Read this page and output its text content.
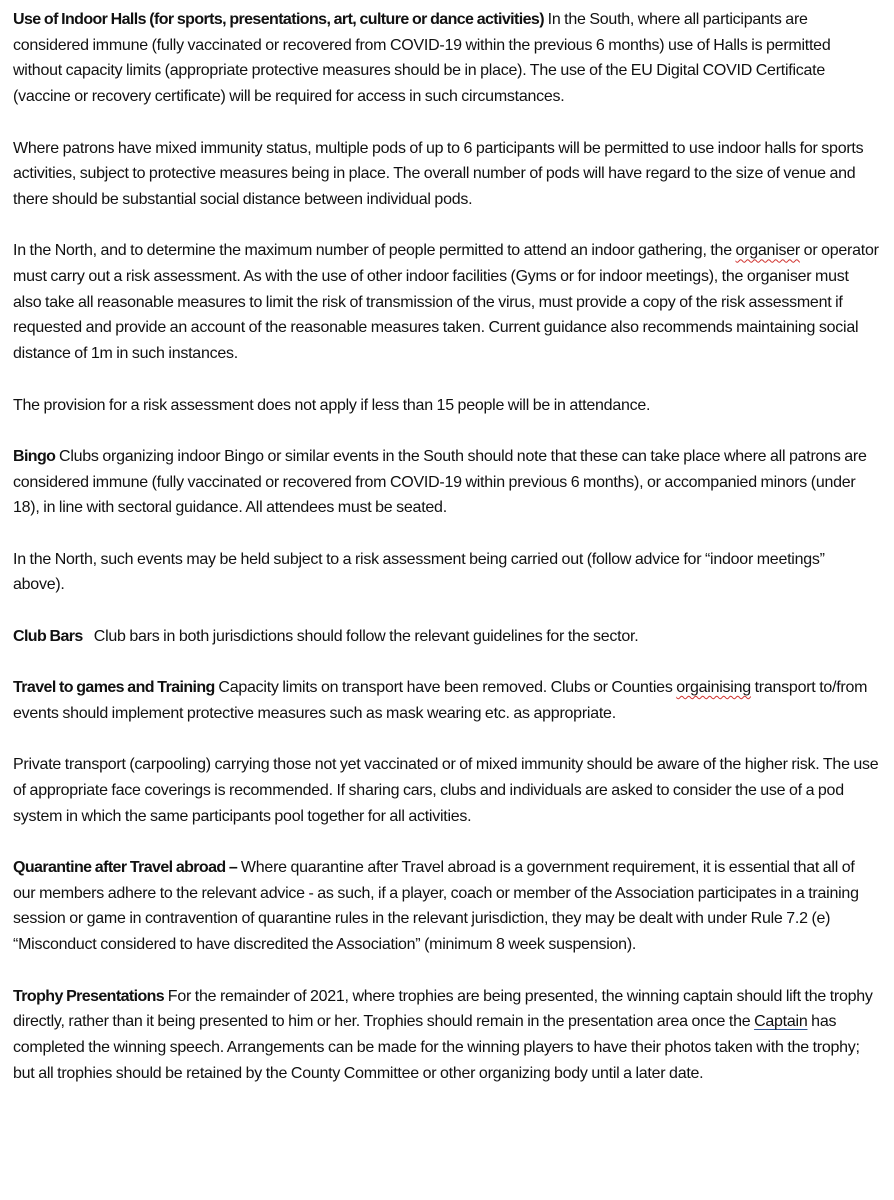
Use of Indoor Halls (for sports, presentations, art, culture or dance activities) In the South, where all participants are considered immune (fully vaccinated or recovered from COVID-19 within the previous 6 months) use of Halls is permitted without capacity limits (appropriate protective measures should be in place). The use of the EU Digital COVID Certificate (vaccine or recovery certificate) will be required for access in such circumstances.

Where patrons have mixed immunity status, multiple pods of up to 6 participants will be permitted to use indoor halls for sports activities, subject to protective measures being in place. The overall number of pods will have regard to the size of venue and there should be substantial social distance between individual pods.

In the North, and to determine the maximum number of people permitted to attend an indoor gathering, the organiser or operator must carry out a risk assessment. As with the use of other indoor facilities (Gyms or for indoor meetings), the organiser must also take all reasonable measures to limit the risk of transmission of the virus, must provide a copy of the risk assessment if requested and provide an account of the reasonable measures taken. Current guidance also recommends maintaining social distance of 1m in such instances.

The provision for a risk assessment does not apply if less than 15 people will be in attendance.

Bingo Clubs organizing indoor Bingo or similar events in the South should note that these can take place where all patrons are considered immune (fully vaccinated or recovered from COVID-19 within previous 6 months), or accompanied minors (under 18), in line with sectoral guidance. All attendees must be seated.

In the North, such events may be held subject to a risk assessment being carried out (follow advice for “indoor meetings” above).

Club Bars   Club bars in both jurisdictions should follow the relevant guidelines for the sector.

Travel to games and Training Capacity limits on transport have been removed. Clubs or Counties orgainising transport to/from events should implement protective measures such as mask wearing etc. as appropriate.

Private transport (carpooling) carrying those not yet vaccinated or of mixed immunity should be aware of the higher risk. The use of appropriate face coverings is recommended. If sharing cars, clubs and individuals are asked to consider the use of a pod system in which the same participants pool together for all activities.

Quarantine after Travel abroad – Where quarantine after Travel abroad is a government requirement, it is essential that all of our members adhere to the relevant advice - as such, if a player, coach or member of the Association participates in a training session or game in contravention of quarantine rules in the relevant jurisdiction, they may be dealt with under Rule 7.2 (e) “Misconduct considered to have discredited the Association” (minimum 8 week suspension).

Trophy Presentations For the remainder of 2021, where trophies are being presented, the winning captain should lift the trophy directly, rather than it being presented to him or her. Trophies should remain in the presentation area once the Captain has completed the winning speech. Arrangements can be made for the winning players to have their photos taken with the trophy; but all trophies should be retained by the County Committee or other organizing body until a later date.
